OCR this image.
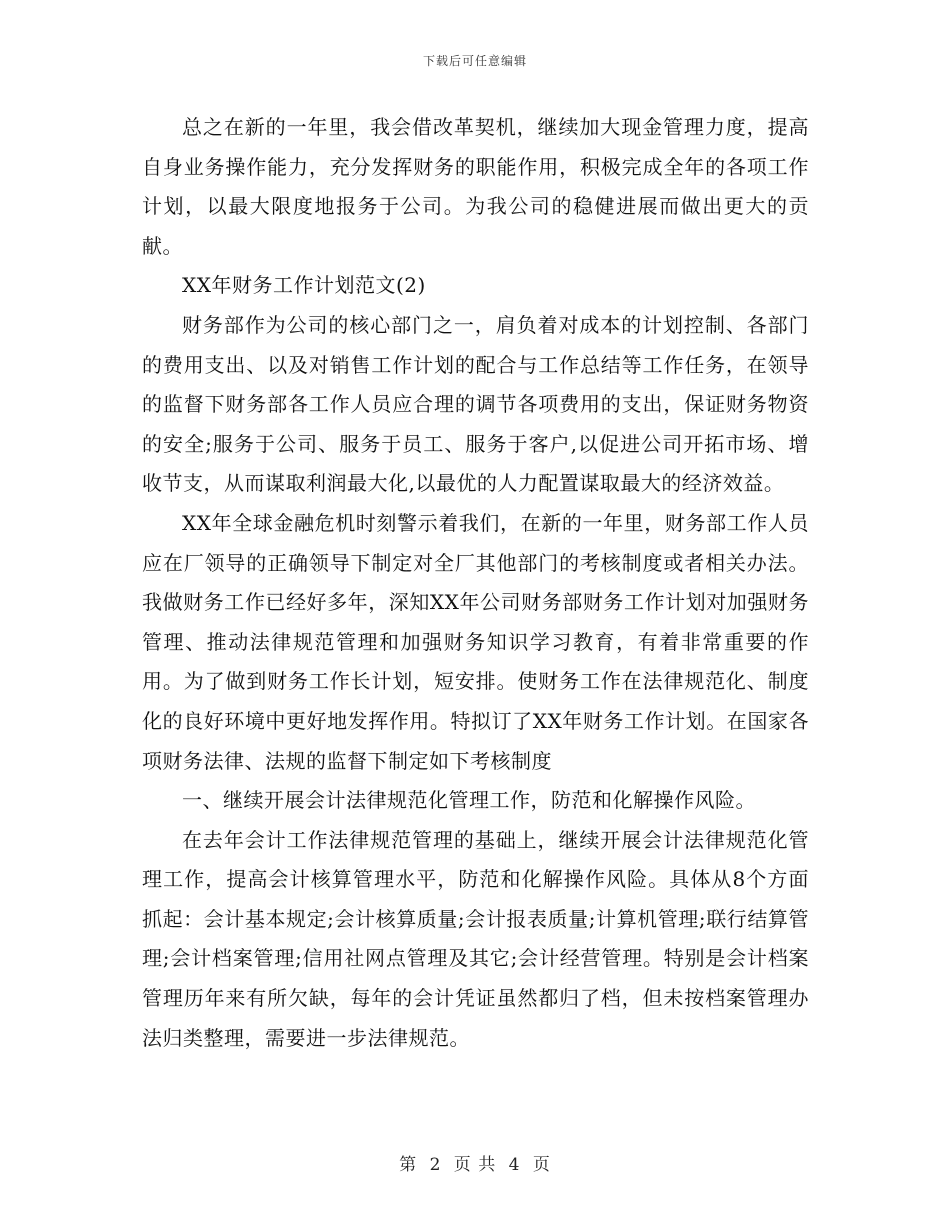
下载后可任意编辑

总之在新的一年里，我会借改革契机，继续加大现金管理力度，提高自身业务操作能力，充分发挥财务的职能作用，积极完成全年的各项工作计划，以最大限度地报务于公司。为我公司的稳健进展而做出更大的贡献。

XX年财务工作计划范文(2)

财务部作为公司的核心部门之一，肩负着对成本的计划控制、各部门的费用支出、以及对销售工作计划的配合与工作总结等工作任务，在领导的监督下财务部各工作人员应合理的调节各项费用的支出，保证财务物资的安全;服务于公司、服务于员工、服务于客户,以促进公司开拓市场、增收节支，从而谋取利润最大化,以最优的人力配置谋取最大的经济效益。

XX年全球金融危机时刻警示着我们，在新的一年里，财务部工作人员应在厂领导的正确领导下制定对全厂其他部门的考核制度或者相关办法。我做财务工作已经好多年，深知XX年公司财务部财务工作计划对加强财务管理、推动法律规范管理和加强财务知识学习教育，有着非常重要的作用。为了做到财务工作长计划，短安排。使财务工作在法律规范化、制度化的良好环境中更好地发挥作用。特拟订了XX年财务工作计划。在国家各项财务法律、法规的监督下制定如下考核制度

一、继续开展会计法律规范化管理工作，防范和化解操作风险。

在去年会计工作法律规范管理的基础上，继续开展会计法律规范化管理工作，提高会计核算管理水平，防范和化解操作风险。具体从8个方面抓起：会计基本规定;会计核算质量;会计报表质量;计算机管理;联行结算管理;会计档案管理;信用社网点管理及其它;会计经营管理。特别是会计档案管理历年来有所欠缺，每年的会计凭证虽然都归了档，但未按档案管理办法归类整理，需要进一步法律规范。

第 2 页 共 4 页
